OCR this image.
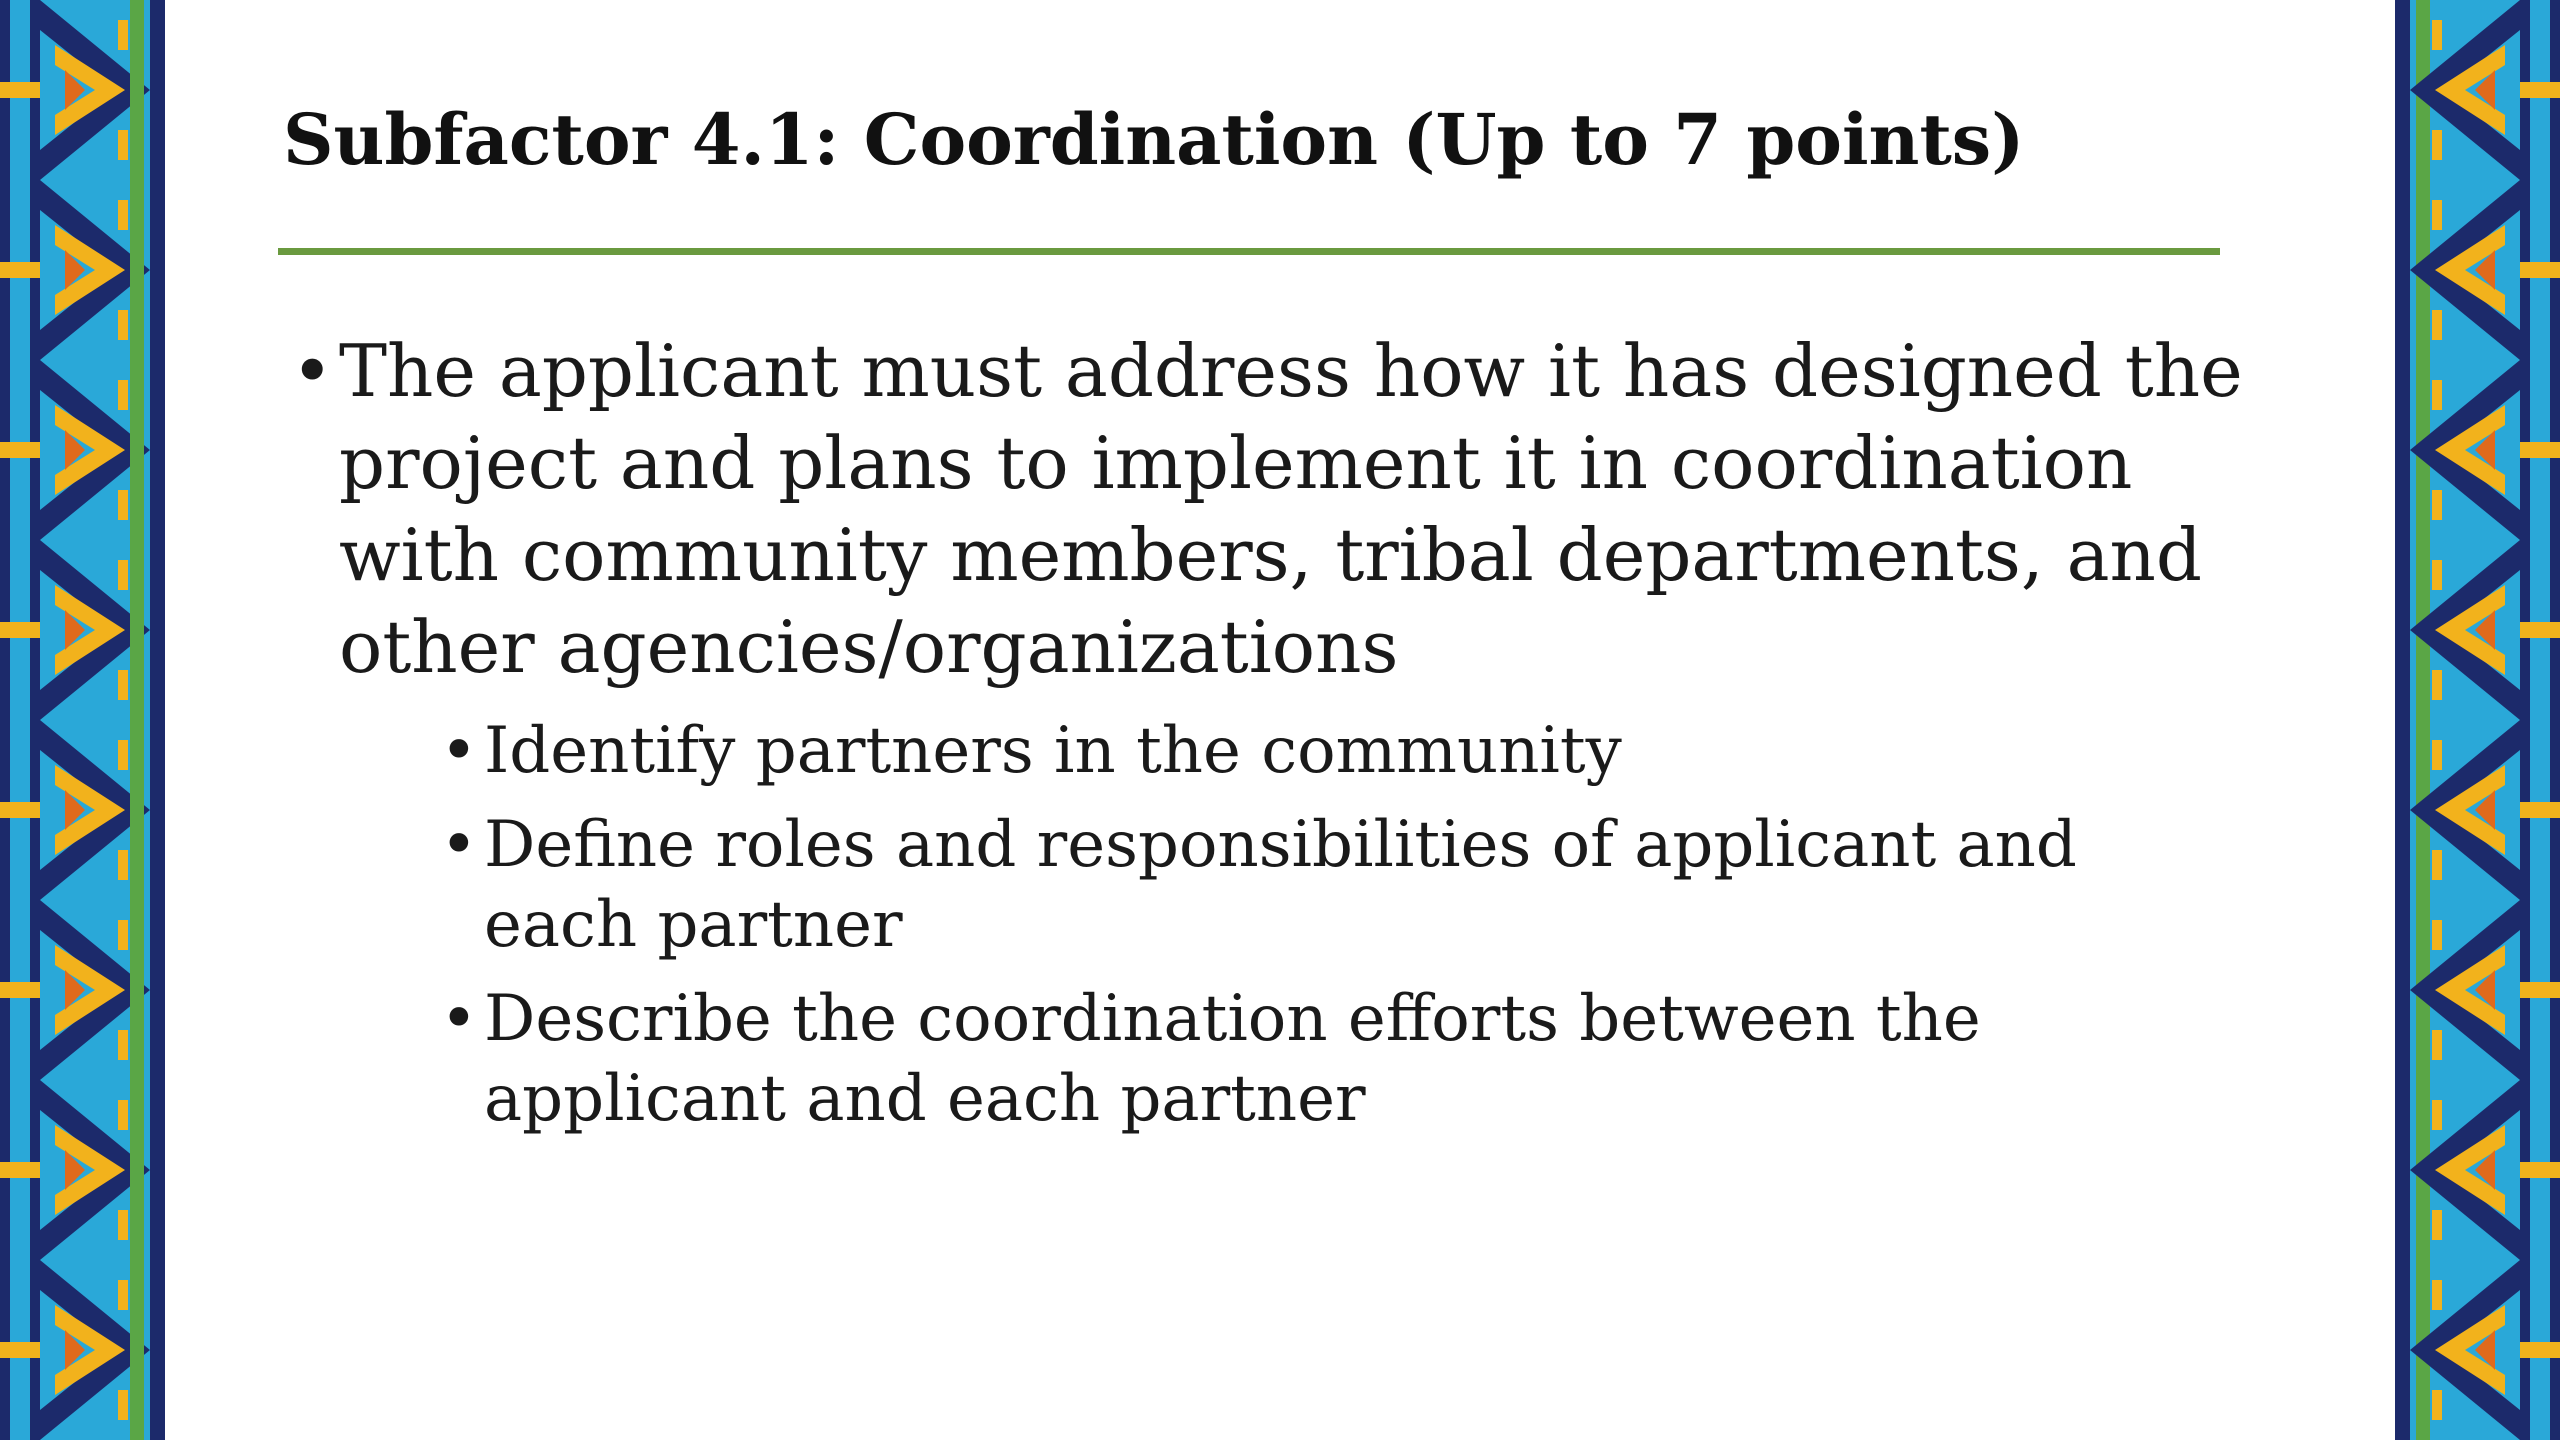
Subfactor 4.1: Coordination (Up to 7 points)
• The applicant must address how it has designed the project and plans to implement it in coordination with community members, tribal departments, and other agencies/organizations
• Identify partners in the community
• Define roles and responsibilities of applicant and each partner
• Describe the coordination efforts between the applicant and each partner
